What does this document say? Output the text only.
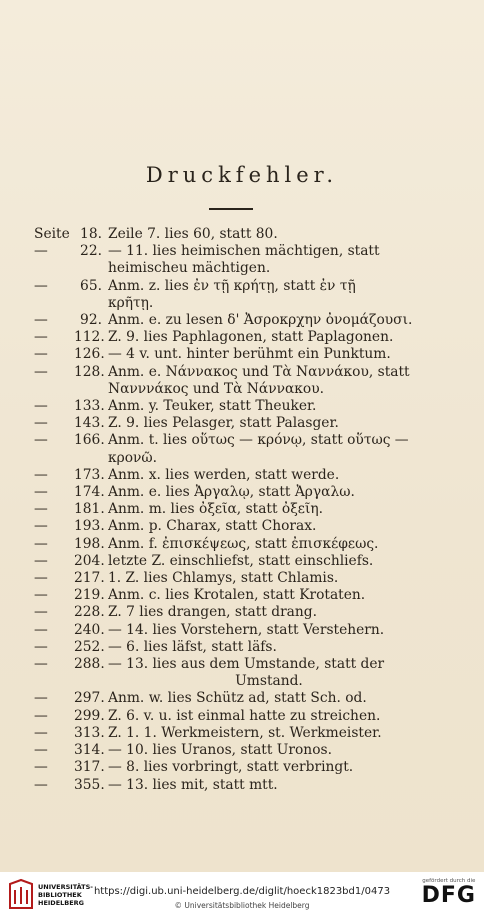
Druckfehler.
Seite 18. Zeile 7. lies 60, statt 80.
—	22. — 11. lies heimischen mächtigen, statt
heimischeu mächtigen.
—	65. Anm. z. lies ἐν τῇ κρήτῃ, statt ἐν τῇ
κρῆτῃ.
—	92. Anm. e. zu lesen δ' Ἀσροκρχην ὀνομάζουσι.
—	112. Z. 9. lies Paphlagonen, statt Paplagonen.
—	126. — 4 v. unt. hinter berühmt ein Punktum.
—	128. Anm. e. Νάννακος und Τὰ Ναννάκου, statt
Νανννάκος und Τὰ Νάννακου.
—	133. Anm. y. Teuker, statt Theuker.
—	143. Z. 9. lies Pelasger, statt Palasger.
—	166. Anm. t. lies οὕτως — κρόνῳ, statt οὕτως —
κρονῶ.
—	173. Anm. x. lies werden, statt werde.
—	174. Anm. e. lies Ἀργαλῳ, statt Ἀργαλω.
—	181. Anm. m. lies ὀξεῖα, statt ὀξεῖη.
—	193. Anm. p. Charax, statt Chorax.
—	198. Anm. f. ἐπισκέψεως, statt ἐπισκέφεως.
—	204. letzte Z. einschliefst, statt einschliefs.
—	217. 1. Z. lies Chlamys, statt Chlamis.
—	219. Anm. c. lies Krotalen, statt Krotaten.
—	228. Z. 7 lies drangen, statt drang.
—	240. — 14. lies Vorstehern, statt Verstehern.
—	252. — 6. lies läfst, statt läfs.
—	288. — 13. lies aus dem Umstande, statt der
Umstand.
—	297. Anm. w. lies Schütz ad, statt Sch. od.
—	299. Z. 6. v. u. ist einmal hatte zu streichen.
—	313. Z. 1. 1. Werkmeistern, st. Werkmeister.
—	314. — 10. lies Uranos, statt Uronos.
—	317. — 8. lies vorbringt, statt verbringt.
—	355. — 13. lies mit, statt mtt.
UNIVERSITÄTS-
BIBLIOTHEK
HEIDELBERG
https://digi.ub.uni-heidelberg.de/diglit/hoeck1823bd1/0473
© Universitätsbibliothek Heidelberg
gefördert durch die
DFG
